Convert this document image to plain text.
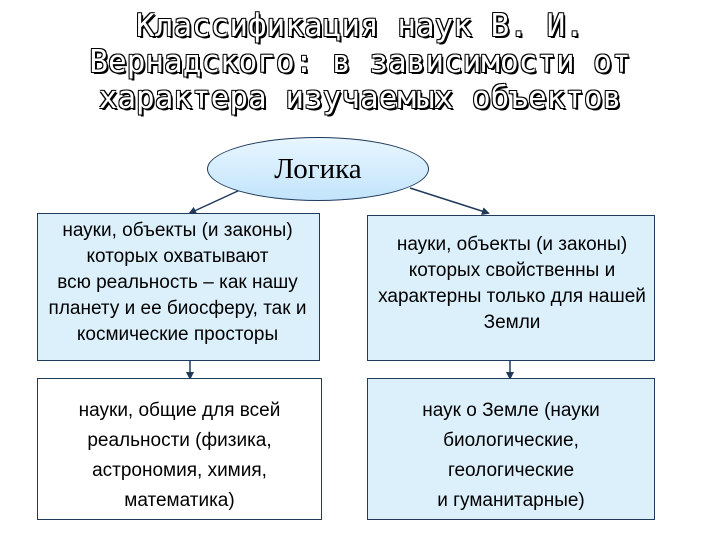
Классификация наук В. И.
Вернадского: в зависимости от
характера изучаемых объектов
Логика
науки, объекты (и законы)
которых охватывают
всю реальность – как нашу
планету и ее биосферу, так и
космические просторы
науки, объекты (и законы)
которых свойственны и
характерны только для нашей
Земли
науки, общие для всей
реальности (физика,
астрономия, химия,
математика)
наук о Земле (науки
биологические,
геологические
и гуманитарные)
